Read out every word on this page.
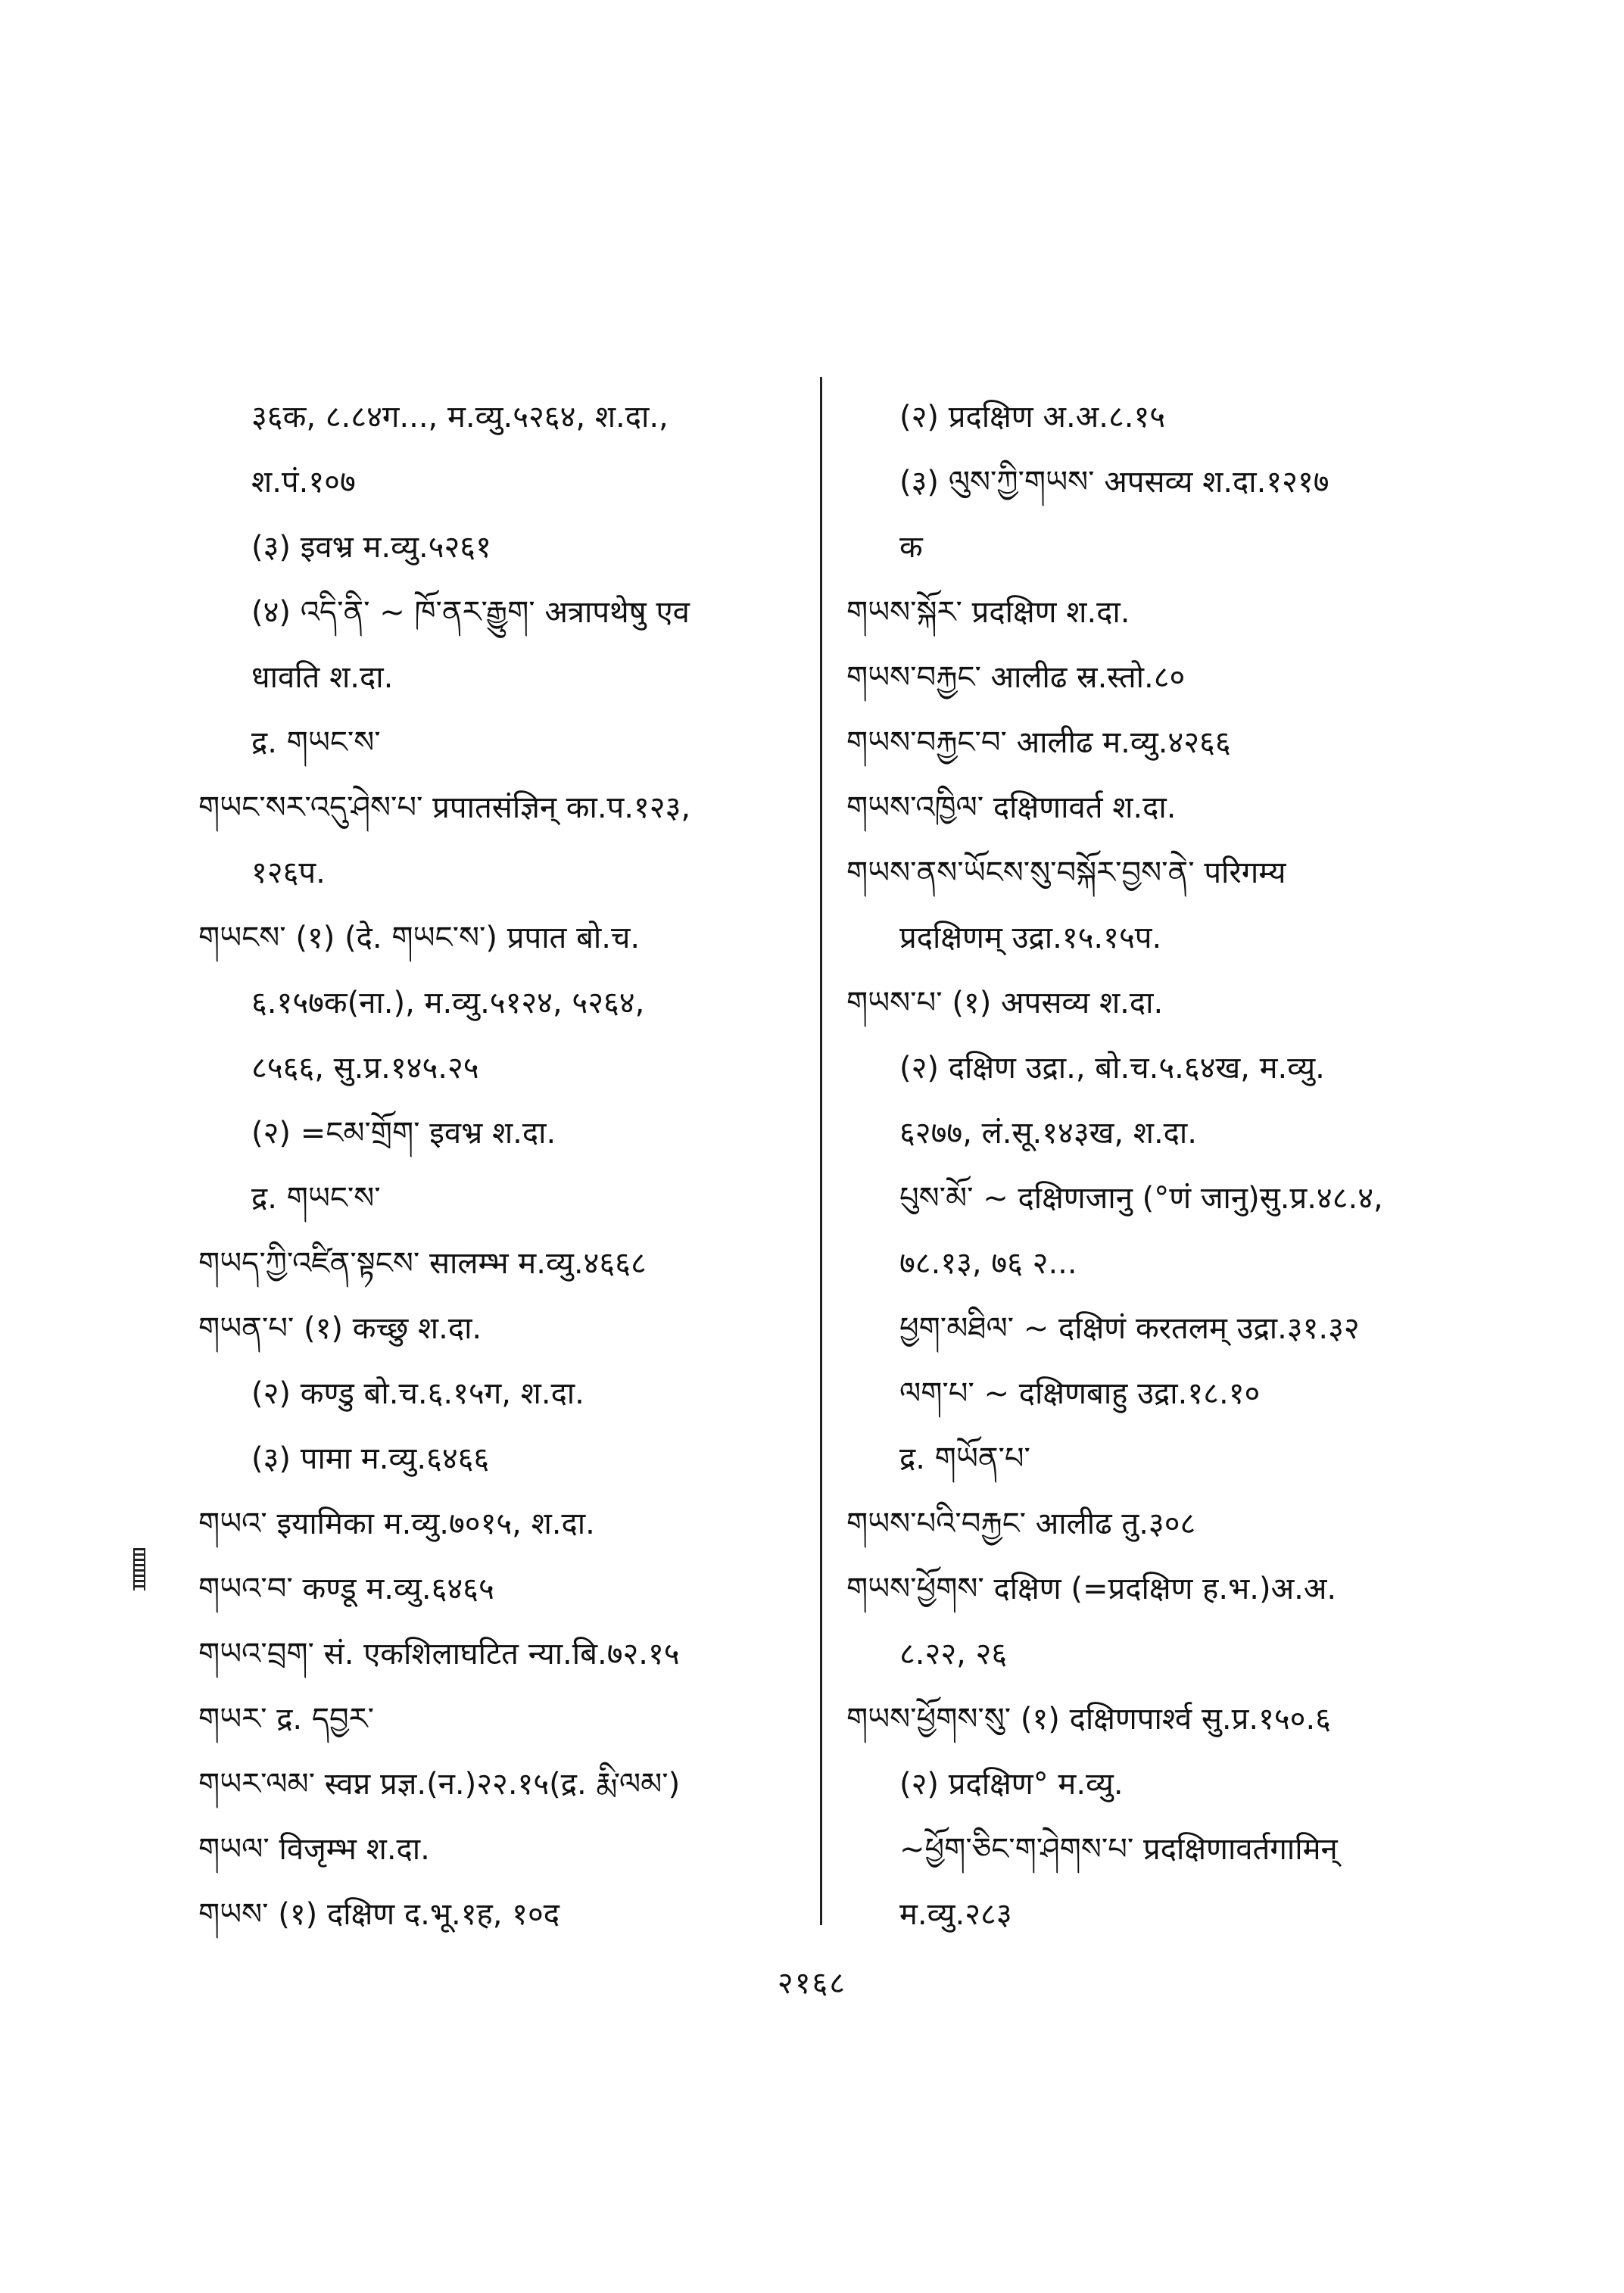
३६क, ८.८४ग..., म.व्यु.५२६४, श.दा.,
श.पं.१०७
(३) इवभ्र म.व्यु.५२६१
(४) འདི་ནི་ ~ ཁོ་ནར་རྒྱུག་ अत्रापथेषु एव
धावति श.दा.
द्र. གཡང་ས་
གཡང་སར་འདུ་ཤེས་པ་ प्रपातसंज्ञिन् का.प.१२३,
१२६प.
གཡངས་ (१) (दे. གཡང་ས་) प्रपात बो.च.
६.१५७क(ना.), म.व्यु.५१२४, ५२६४,
८५६६, सु.प्र.१४५.२५
(२) =ངམ་གྲོག་ इवभ्र श.दा.
द्र. གཡང་ས་
གཡད་ཀྱི་འཛིན་སྟངས་ सालम्भ म.व्यु.४६६८
གཡན་པ་ (१) कच्छु श.दा.
(२) कण्डु बो.च.६.१५ग, श.दा.
(३) पामा म.व्यु.६४६६
གཡའ་ इयामिका म.व्यु.७०१५, श.दा.
གཡའ་བ་ कण्डू म.व्यु.६४६५
གཡའ་བྲག་ सं. एकशिलाघटित न्या.बि.७२.१५
གཡར་ द्र. དབྱར་
གཡར་ལམ་ स्वप्न प्रज्ञ.(न.)२२.१५(द्र. རྨི་ལམ་)
གཡལ་ विजृम्भ श.दा.
གཡས་ (१) दक्षिण द.भू.१ह, १०द
(२) प्रदक्षिण अ.अ.८.१५
(३) ལུས་ཀྱི་གཡས་ अपसव्य श.दा.१२१७
क
གཡས་སྐོར་ प्रदक्षिण श.दा.
གཡས་བརྐྱང་ आलीढ स्र.स्तो.८०
གཡས་བརྐྱང་བ་ आलीढ म.व्यु.४२६६
གཡས་འཁྱིལ་ दक्षिणावर्त श.दा.
གཡས་ནས་ཡོངས་སུ་བསྐོར་བྱས་ནེ་ परिगम्य
प्रदक्षिणम् उद्रा.१५.१५प.
གཡས་པ་ (१) अपसव्य श.दा.
(२) दक्षिण उद्रा., बो.च.५.६४ख, म.व्यु.
६२७७, लं.सू.१४३ख, श.दा.
པུས་མོ་ ~ दक्षिणजानु (°णं जानु)सु.प्र.४८.४,
७८.१३, ७६ २...
ཕྱག་མཐིལ་ ~ दक्षिणं करतलम् उद्रा.३१.३२
ལག་པ་ ~ दक्षिणबाहु उद्रा.१८.१०
द्र. གཡོན་པ་
གཡས་པའི་བརྐྱང་ आलीढ तु.३०८
གཡས་ཕྱོགས་ दक्षिण (=प्रदक्षिण ह.भ.)अ.अ.
८.२२, २६
གཡས་ཕྱོགས་སུ་ (१) दक्षिणपार्श्व सु.प्र.१५०.६
(२) प्रदक्षिण° म.व्यु.
~ཕྱོག་ཅིང་ག་ཤེགས་པ་ प्रदक्षिणावर्तगामिन्
म.व्यु.२८३
२१६८
